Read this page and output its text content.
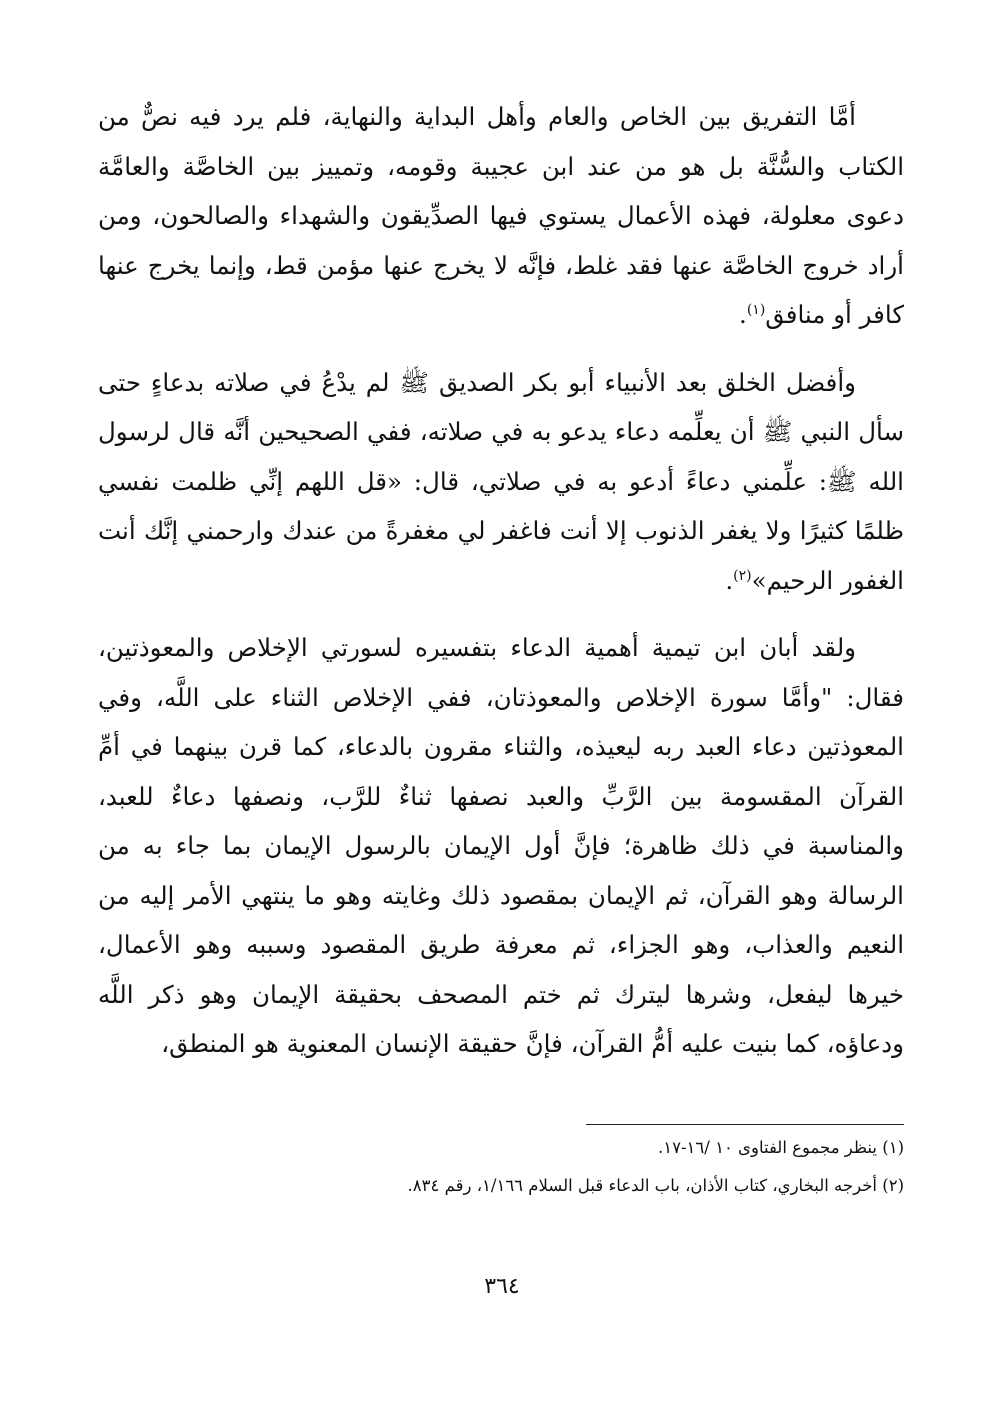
أمَّا التفريق بين الخاص والعام وأهل البداية والنهاية، فلم يرد فيه نصٌّ من الكتاب والسُّنَّة بل هو من عند ابن عجيبة وقومه، وتمييز بين الخاصَّة والعامَّة دعوى معلولة، فهذه الأعمال يستوي فيها الصدِّيقون والشهداء والصالحون، ومن أراد خروج الخاصَّة عنها فقد غلط، فإنَّه لا يخرج عنها مؤمن قط، وإنما يخرج عنها كافر أو منافق$^{(١)}$.

وأفضل الخلق بعد الأنبياء أبو بكر الصديق ﷺ لم يدْعُ في صلاته بدعاءٍ حتى سأل النبي ﷺ أن يعلِّمه دعاء يدعو به في صلاته، ففي الصحيحين أنَّه قال لرسول الله ﷺ: علِّمني دعاءً أدعو به في صلاتي، قال: «قل اللهم إنِّي ظلمت نفسي ظلمًا كثيرًا ولا يغفر الذنوب إلا أنت فاغفر لي مغفرةً من عندك وارحمني إنَّك أنت الغفور الرحيم»$^{(٢)}$.

ولقد أبان ابن تيمية أهمية الدعاء بتفسيره لسورتي الإخلاص والمعوذتين، فقال: "وأمَّا سورة الإخلاص والمعوذتان، ففي الإخلاص الثناء على اللَّه، وفي المعوذتين دعاء العبد ربه ليعيذه، والثناء مقرون بالدعاء، كما قرن بينهما في أمِّ القرآن المقسومة بين الرَّبِّ والعبد نصفها ثناءٌ للرَّب، ونصفها دعاءٌ للعبد، والمناسبة في ذلك ظاهرة؛ فإنَّ أول الإيمان بالرسول الإيمان بما جاء به من الرسالة وهو القرآن، ثم الإيمان بمقصود ذلك وغايته وهو ما ينتهي الأمر إليه من النعيم والعذاب، وهو الجزاء، ثم معرفة طريق المقصود وسببه وهو الأعمال، خيرها ليفعل، وشرها ليترك ثم ختم المصحف بحقيقة الإيمان وهو ذكر اللَّه ودعاؤه، كما بنيت عليه أمُّ القرآن، فإنَّ حقيقة الإنسان المعنوية هو المنطق،

(١) ينظر مجموع الفتاوى ١٠ /١٦-١٧.

(٢) أخرجه البخاري، كتاب الأذان، باب الدعاء قبل السلام ١/١٦٦، رقم ٨٣٤.

٣٦٤
